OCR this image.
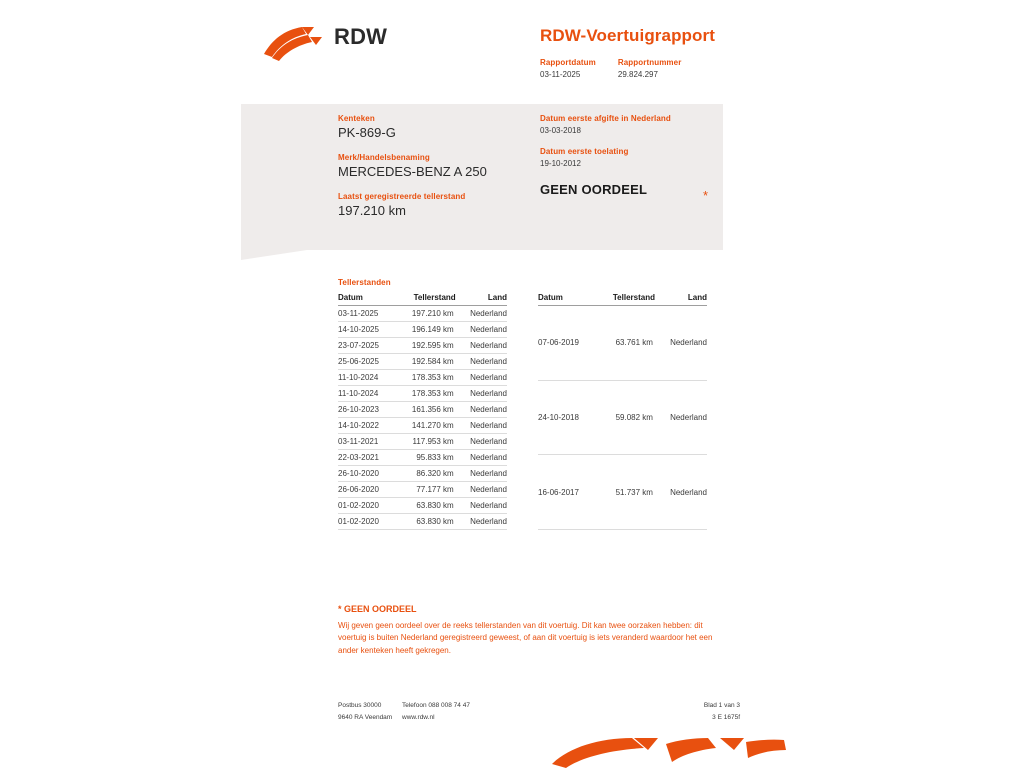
RDW	RDW-Voertuigrapport
Rapportdatum
03-11-2025
Rapportnummer
29.824.297
Kenteken
PK-869-G
Merk/Handelsbenaming
MERCEDES-BENZ A 250
Laatst geregistreerde tellerstand
197.210 km
Datum eerste afgifte in Nederland
03-03-2018
Datum eerste toelating
19-10-2012
GEEN OORDEEL	*
Tellerstanden
Datum	Tellerstand	Land
03-11-2025	197.210 km	Nederland
14-10-2025	196.149 km	Nederland
23-07-2025	192.595 km	Nederland
25-06-2025	192.584 km	Nederland
11-10-2024	178.353 km	Nederland
11-10-2024	178.353 km	Nederland
26-10-2023	161.356 km	Nederland
14-10-2022	141.270 km	Nederland
03-11-2021	117.953 km	Nederland
22-03-2021	95.833 km	Nederland
26-10-2020	86.320 km	Nederland
26-06-2020	77.177 km	Nederland
01-02-2020	63.830 km	Nederland
01-02-2020	63.830 km	Nederland
Datum	Tellerstand	Land
07-06-2019	63.761 km	Nederland
24-10-2018	59.082 km	Nederland
16-06-2017	51.737 km	Nederland
* GEEN OORDEEL
Wij geven geen oordeel over de reeks tellerstanden van dit voertuig. Dit kan twee oorzaken hebben: dit voertuig is buiten Nederland geregistreerd geweest, of aan dit voertuig is iets veranderd waardoor het een ander kenteken heeft gekregen.
Postbus 30000	Telefoon 088 008 74 47
9640 RA Veendam	www.rdw.nl
Blad 1 van 3
3 E 1675f
